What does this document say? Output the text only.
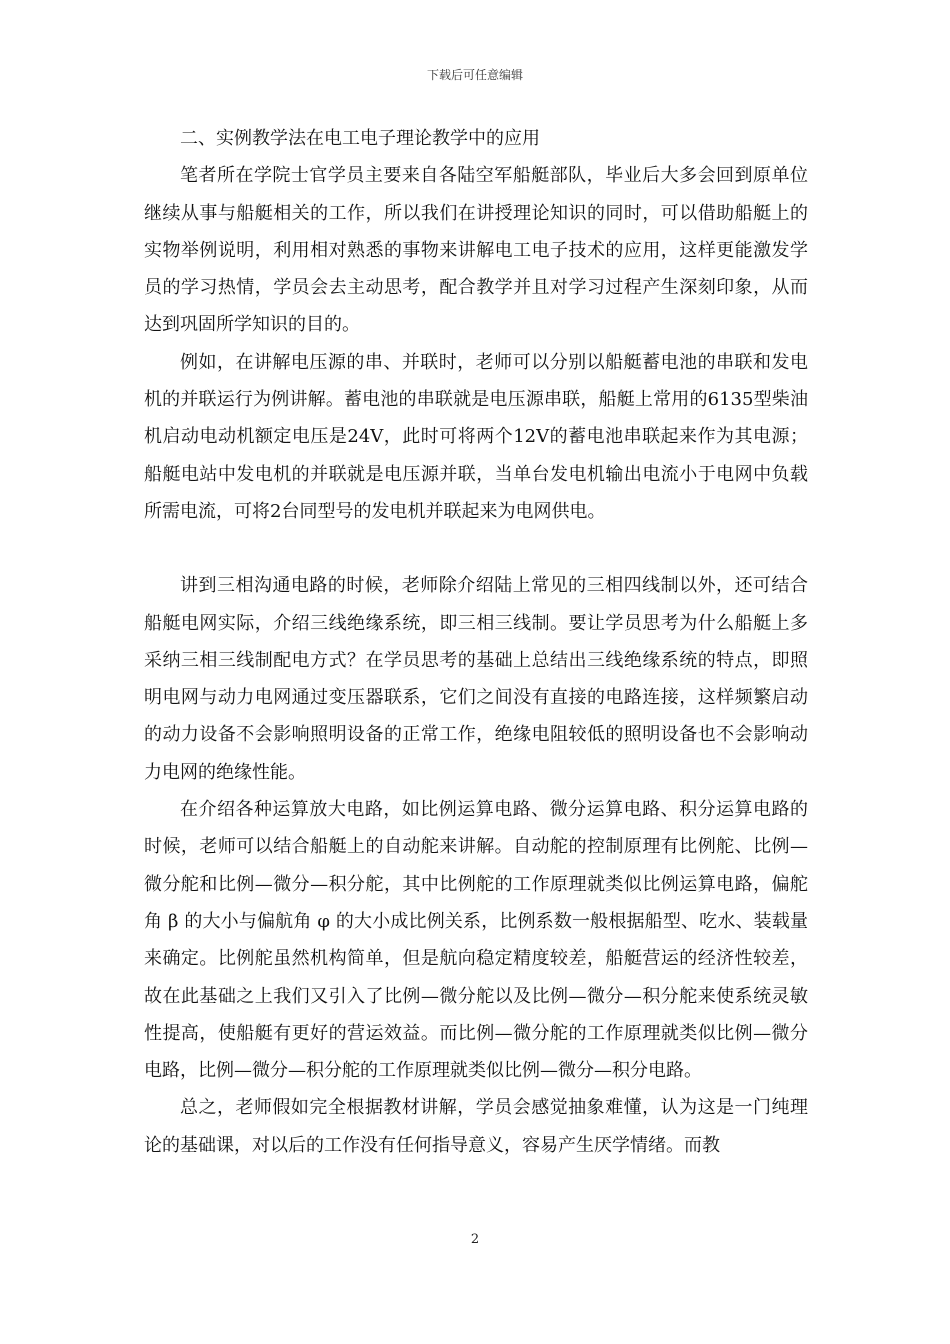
下载后可任意编辑

二、实例教学法在电工电子理论教学中的应用

笔者所在学院士官学员主要来自各陆空军船艇部队，毕业后大多会回到原单位继续从事与船艇相关的工作，所以我们在讲授理论知识的同时，可以借助船艇上的实物举例说明，利用相对熟悉的事物来讲解电工电子技术的应用，这样更能激发学员的学习热情，学员会去主动思考，配合教学并且对学习过程产生深刻印象，从而达到巩固所学知识的目的。

例如，在讲解电压源的串、并联时，老师可以分别以船艇蓄电池的串联和发电机的并联运行为例讲解。蓄电池的串联就是电压源串联，船艇上常用的6135型柴油机启动电动机额定电压是24V，此时可将两个12V的蓄电池串联起来作为其电源；船艇电站中发电机的并联就是电压源并联，当单台发电机输出电流小于电网中负载所需电流，可将2台同型号的发电机并联起来为电网供电。

讲到三相沟通电路的时候，老师除介绍陆上常见的三相四线制以外，还可结合船艇电网实际，介绍三线绝缘系统，即三相三线制。要让学员思考为什么船艇上多采纳三相三线制配电方式？在学员思考的基础上总结出三线绝缘系统的特点，即照明电网与动力电网通过变压器联系，它们之间没有直接的电路连接，这样频繁启动的动力设备不会影响照明设备的正常工作，绝缘电阻较低的照明设备也不会影响动力电网的绝缘性能。

在介绍各种运算放大电路，如比例运算电路、微分运算电路、积分运算电路的时候，老师可以结合船艇上的自动舵来讲解。自动舵的控制原理有比例舵、比例—微分舵和比例—微分—积分舵，其中比例舵的工作原理就类似比例运算电路，偏舵角 β 的大小与偏航角 φ 的大小成比例关系，比例系数一般根据船型、吃水、装载量来确定。比例舵虽然机构简单，但是航向稳定精度较差，船艇营运的经济性较差，故在此基础之上我们又引入了比例—微分舵以及比例—微分—积分舵来使系统灵敏性提高，使船艇有更好的营运效益。而比例—微分舵的工作原理就类似比例—微分电路，比例—微分—积分舵的工作原理就类似比例—微分—积分电路。

总之，老师假如完全根据教材讲解，学员会感觉抽象难懂，认为这是一门纯理论的基础课，对以后的工作没有任何指导意义，容易产生厌学情绪。而教

2
